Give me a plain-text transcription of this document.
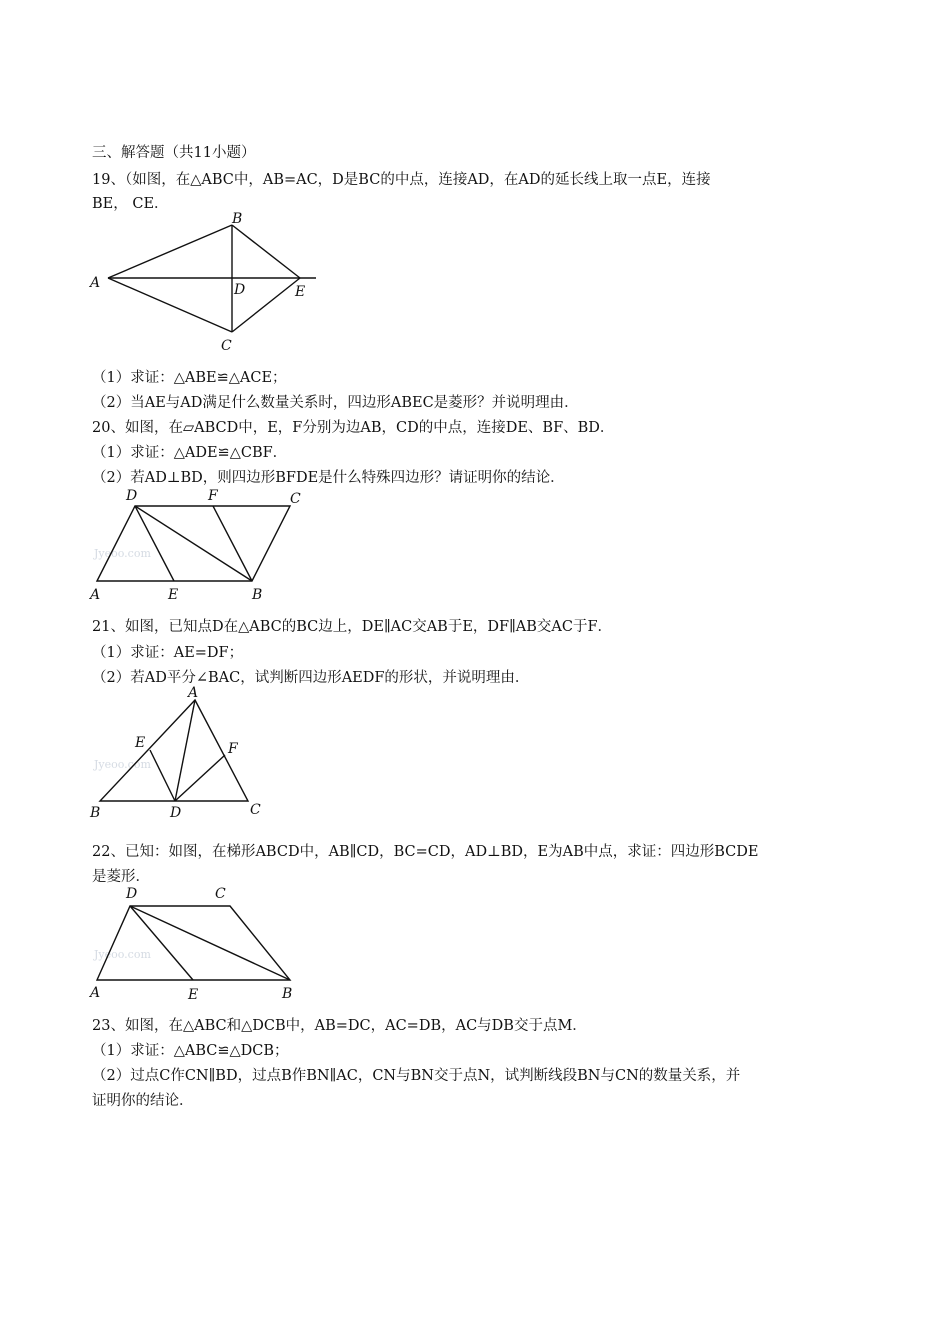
三、解答题（共11小题）
19、（如图，在△ABC中，AB=AC，D是BC的中点，连接AD，在AD的延长线上取一点E，连接
BE， CE．
A
B
C
D	E
（1）求证：△ABE≌△ACE；
（2）当AE与AD满足什么数量关系时，四边形ABEC是菱形？并说明理由．
20、如图，在▱ABCD中，E，F分别为边AB，CD的中点，连接DE、BF、BD．
（1）求证：△ADE≌△CBF．
（2）若AD⊥BD，则四边形BFDE是什么特殊四边形？请证明你的结论．
Jyeoo.com
D	F	C
A	E	B
21、如图，已知点D在△ABC的BC边上，DE∥AC交AB于E，DF∥AB交AC于F．
（1）求证：AE=DF；
（2）若AD平分∠BAC，试判断四边形AEDF的形状，并说明理由．
Jyeoo.com
A
E	F
B	D	C
22、已知：如图，在梯形ABCD中，AB∥CD，BC=CD，AD⊥BD，E为AB中点，求证：四边形BCDE
是菱形．
Jyeoo.com
D	C
A	E	B
23、如图，在△ABC和△DCB中，AB=DC，AC=DB，AC与DB交于点M．
（1）求证：△ABC≌△DCB；
（2）过点C作CN∥BD，过点B作BN∥AC，CN与BN交于点N，试判断线段BN与CN的数量关系，并
证明你的结论．
